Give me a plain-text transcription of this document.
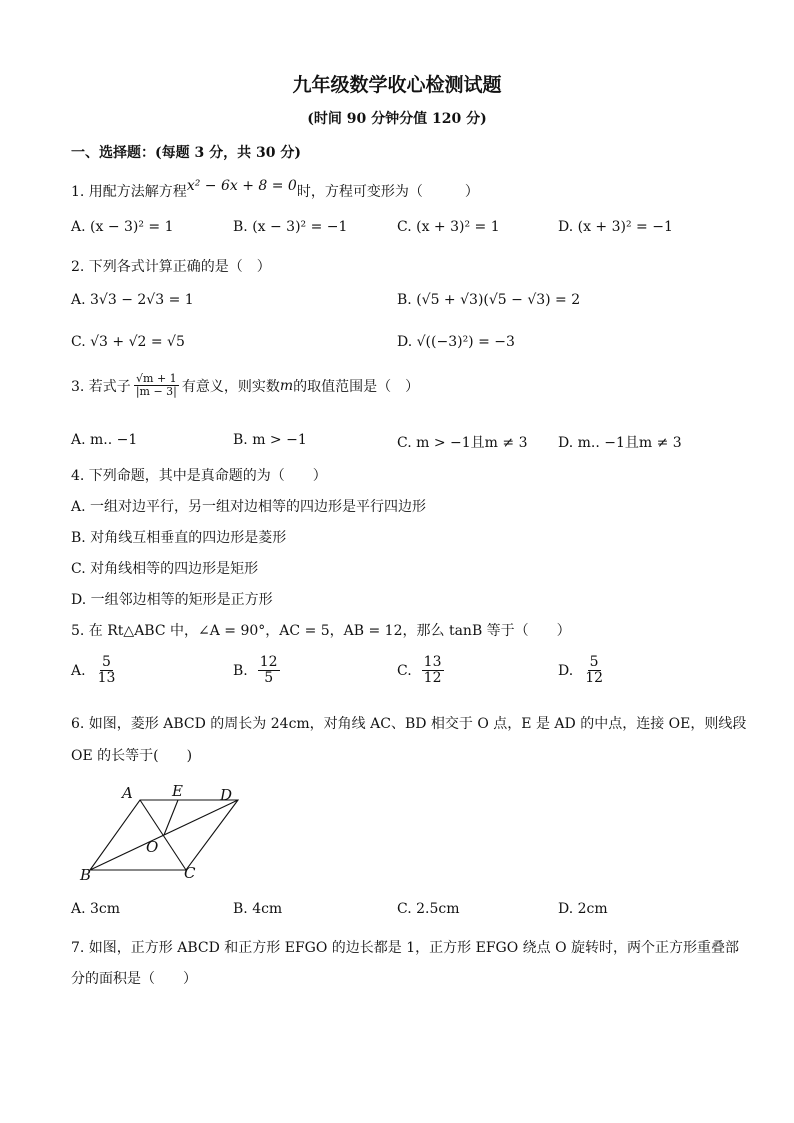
九年级数学收心检测试题
(时间 90 分钟分值 120 分)
一、选择题：(每题 3 分，共 30 分)
1. 用配方法解方程x² − 6x + 8 = 0时，方程可变形为（　　　）
A. (x − 3)² = 1	B. (x − 3)² = −1	C. (x + 3)² = 1	D. (x + 3)² = −1
2. 下列各式计算正确的是（　）
A. 3√3 − 2√3 = 1	B. (√5 + √3)(√5 − √3) = 2
C. √3 + √2 = √5	D. √((−3)²) = −3
3. 若式子 $\frac{√m + 1}{|m - 3|}$ 有意义，则实数 m 的取值范围是（　）
A. m.. −1	B. m > −1	C. m > −1且m ≠ 3 D. m.. −1且m ≠ 3
4. 下列命题，其中是真命题的为（　　）
A. 一组对边平行，另一组对边相等的四边形是平行四边形
B. 对角线互相垂直的四边形是菱形
C. 对角线相等的四边形是矩形
D. 一组邻边相等的矩形是正方形
5. 在 Rt△ABC 中，∠A = 90°，AC = 5，AB = 12，那么 tanB 等于（　　）
A. $\frac{5}{13}$	B. $\frac{12}{5}$	C. $\frac{13}{12}$	D. $\frac{5}{12}$
6. 如图，菱形 ABCD 的周长为 24cm，对角线 AC、BD 相交于 O 点，E 是 AD 的中点，连接 OE，则线段
OE 的长等于(　　)
A	E D
O
B	C
A. 3cm	B. 4cm	C. 2.5cm	D. 2cm
7. 如图，正方形 ABCD 和正方形 EFGO 的边长都是 1，正方形 EFGO 绕点 O 旋转时，两个正方形重叠部
分的面积是（　　）
